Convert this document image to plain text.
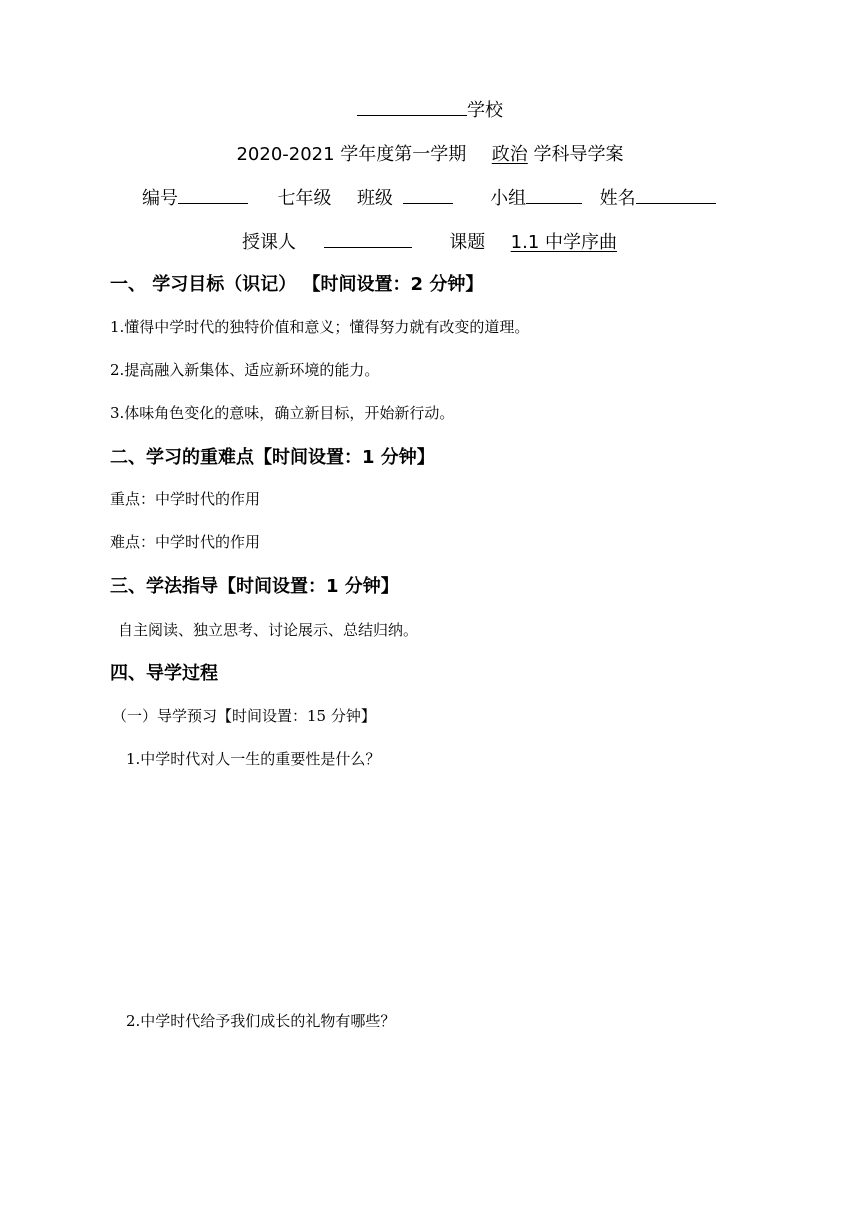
学校
2020-2021 学年度第一学期 政治 学科导学案
编号	七年级 班级	小组	姓名
授课人	课题 1.1 中学序曲
一、 学习目标（识记） 【时间设置：2 分钟】
1.懂得中学时代的独特价值和意义；懂得努力就有改变的道理。
2.提高融入新集体、适应新环境的能力。
3.体味角色变化的意味，确立新目标，开始新行动。
二、学习的重难点【时间设置：1 分钟】
重点：中学时代的作用
难点：中学时代的作用
三、学法指导【时间设置：1 分钟】
自主阅读、独立思考、讨论展示、总结归纳。
四、导学过程
（一）导学预习【时间设置：15 分钟】
1.中学时代对人一生的重要性是什么？
2.中学时代给予我们成长的礼物有哪些？
